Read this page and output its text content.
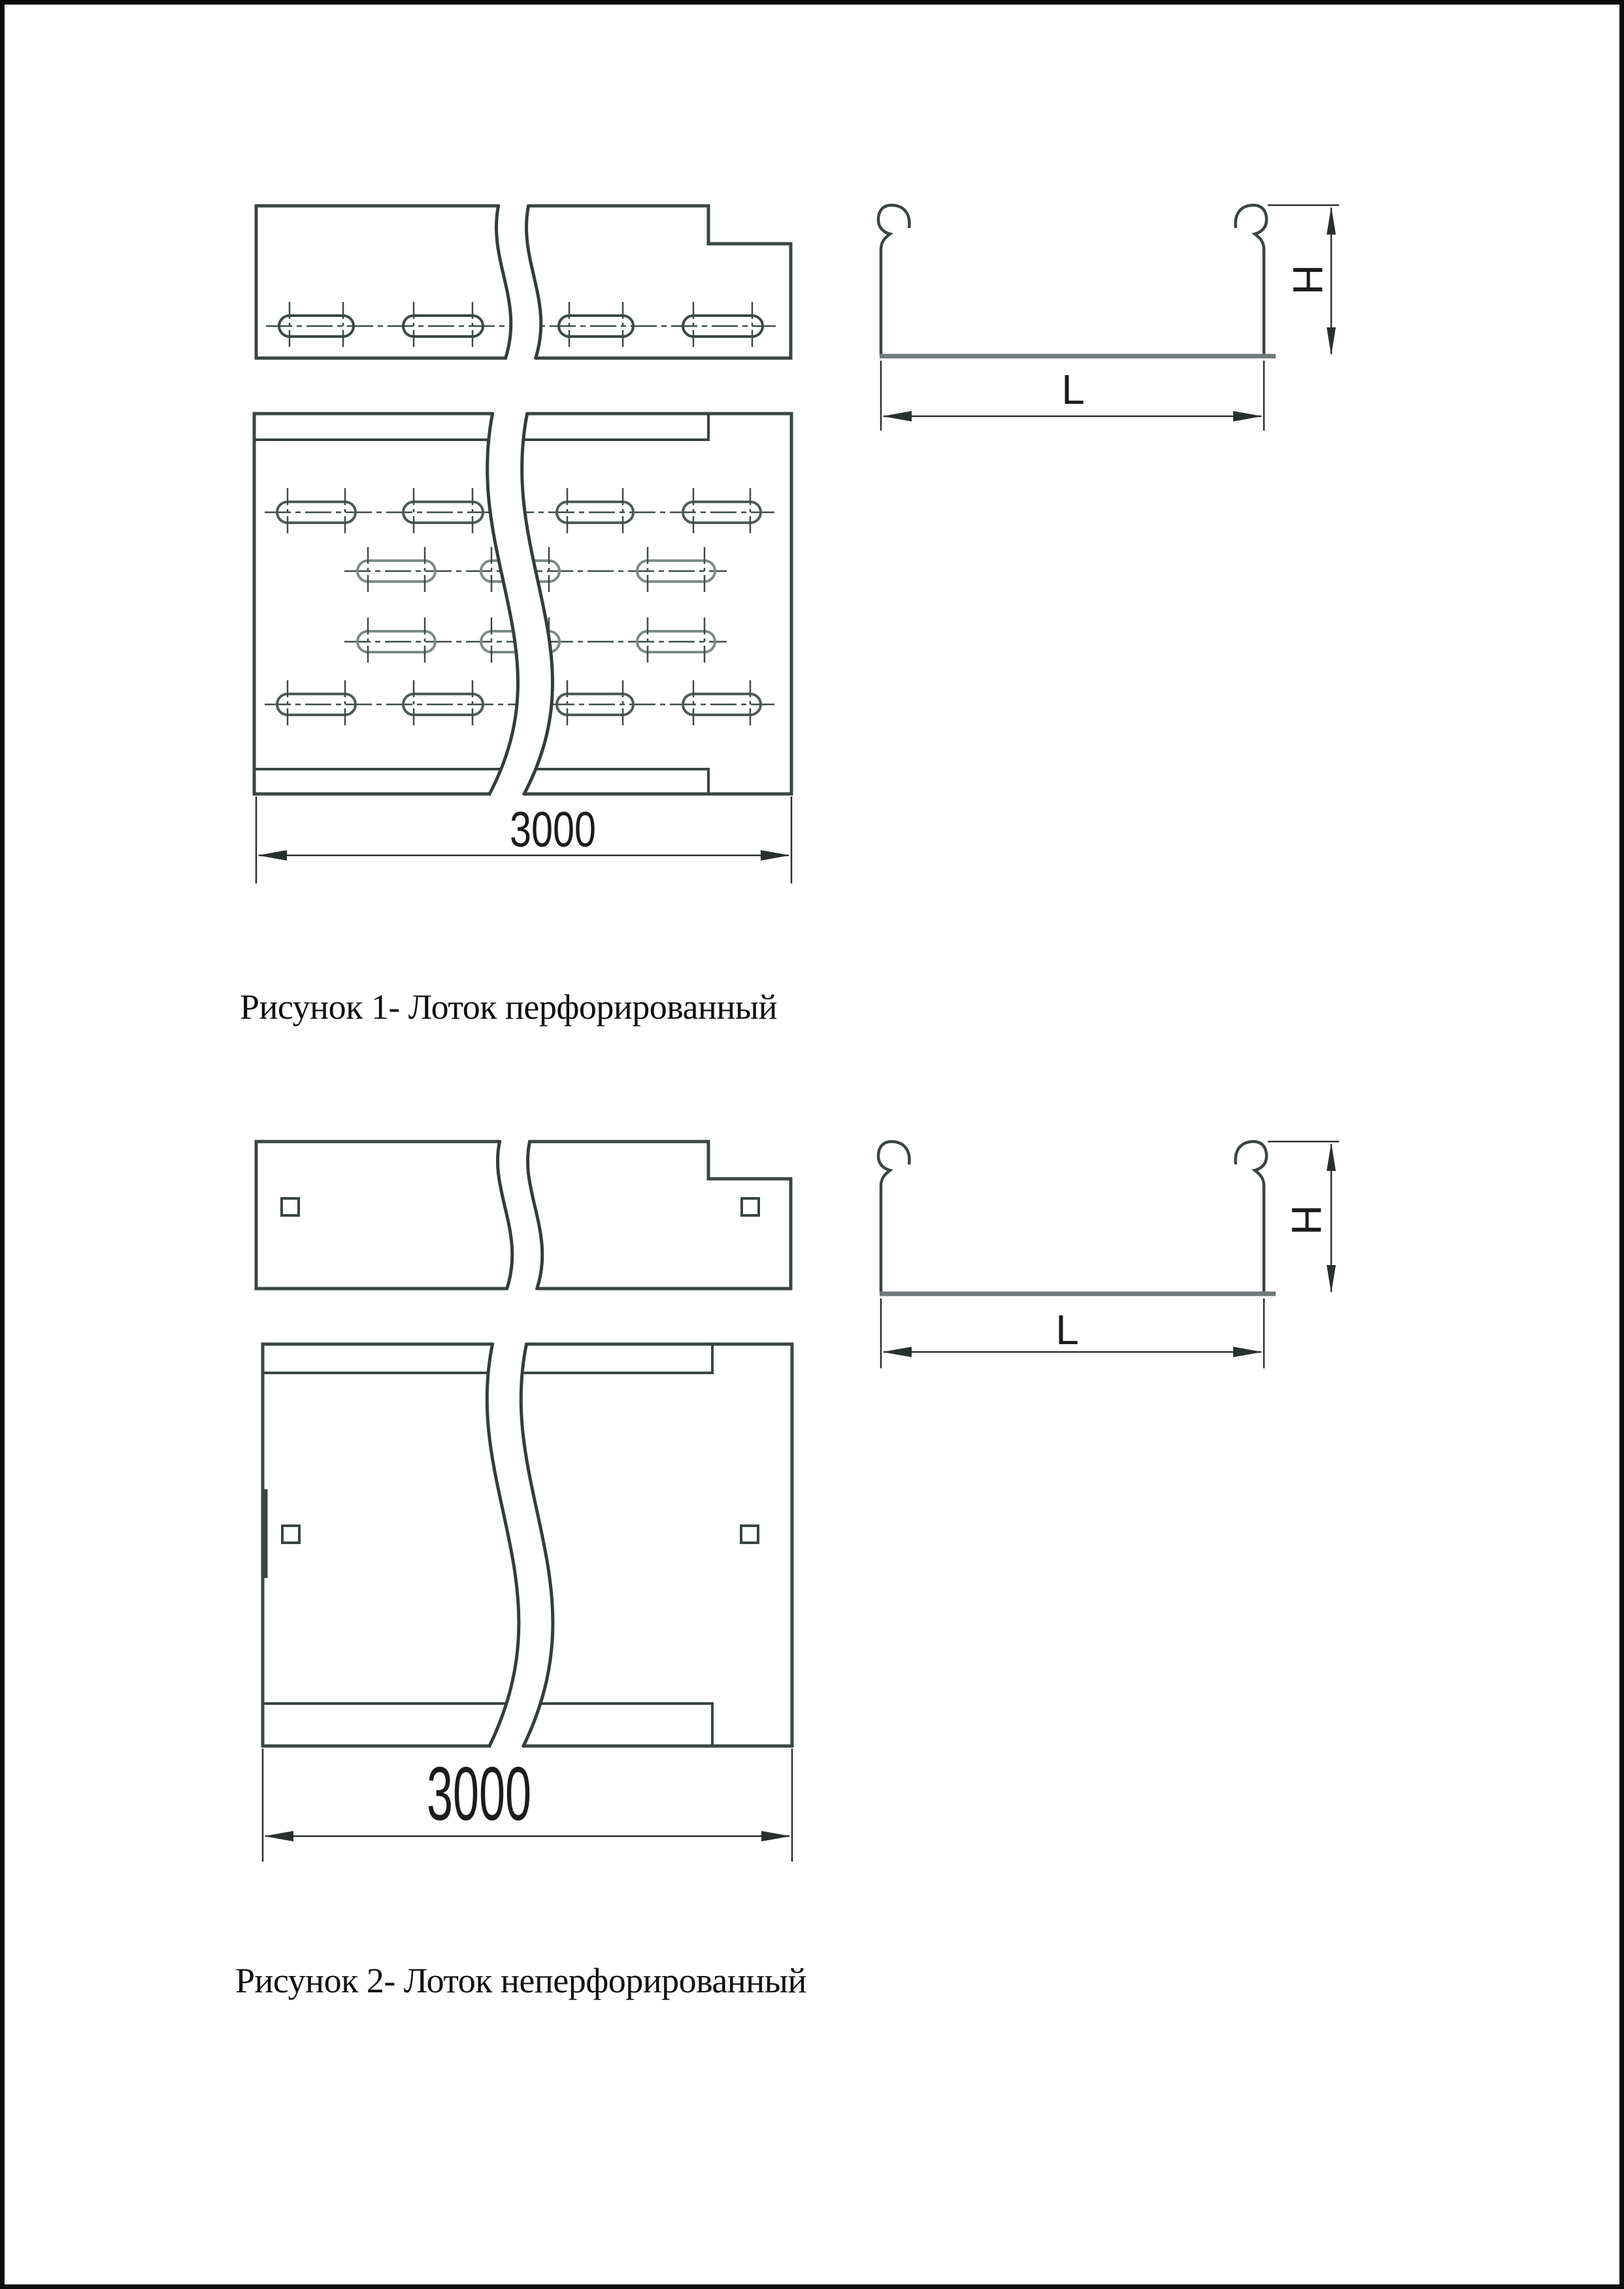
3000
H
L
Рисунок 1- Лоток перфорированный
3000
H
L
Рисунок 2- Лоток неперфорированный
